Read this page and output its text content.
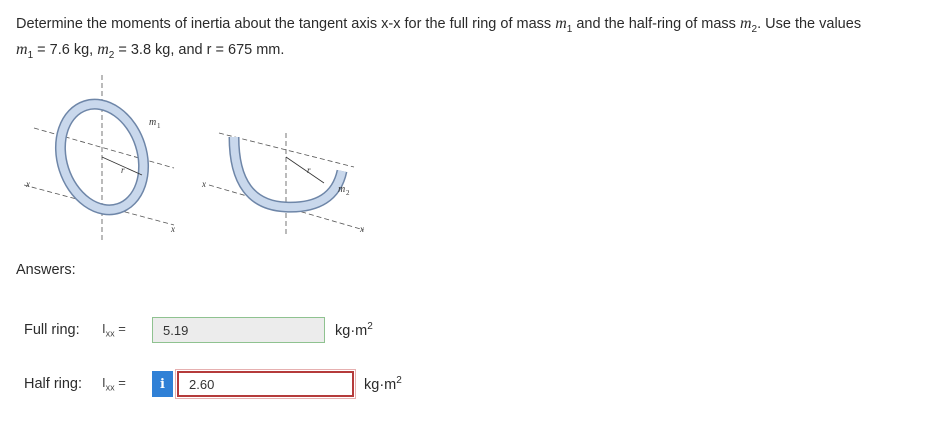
Determine the moments of inertia about the tangent axis x-x for the full ring of mass $m_1$ and the half-ring of mass $m_2$. Use the values
$m_1 = 7.6$ kg, $m_2 = 3.8$ kg, and r = 675 mm.
m 1
r
x
x
r
m 2
x
x
Answers:
Full ring:	$I_{xx}$ =	5.19	$kg\cdot m^2$
Half ring:	$I_{xx}$ =	i	2.60	$kg\cdot m^2$
